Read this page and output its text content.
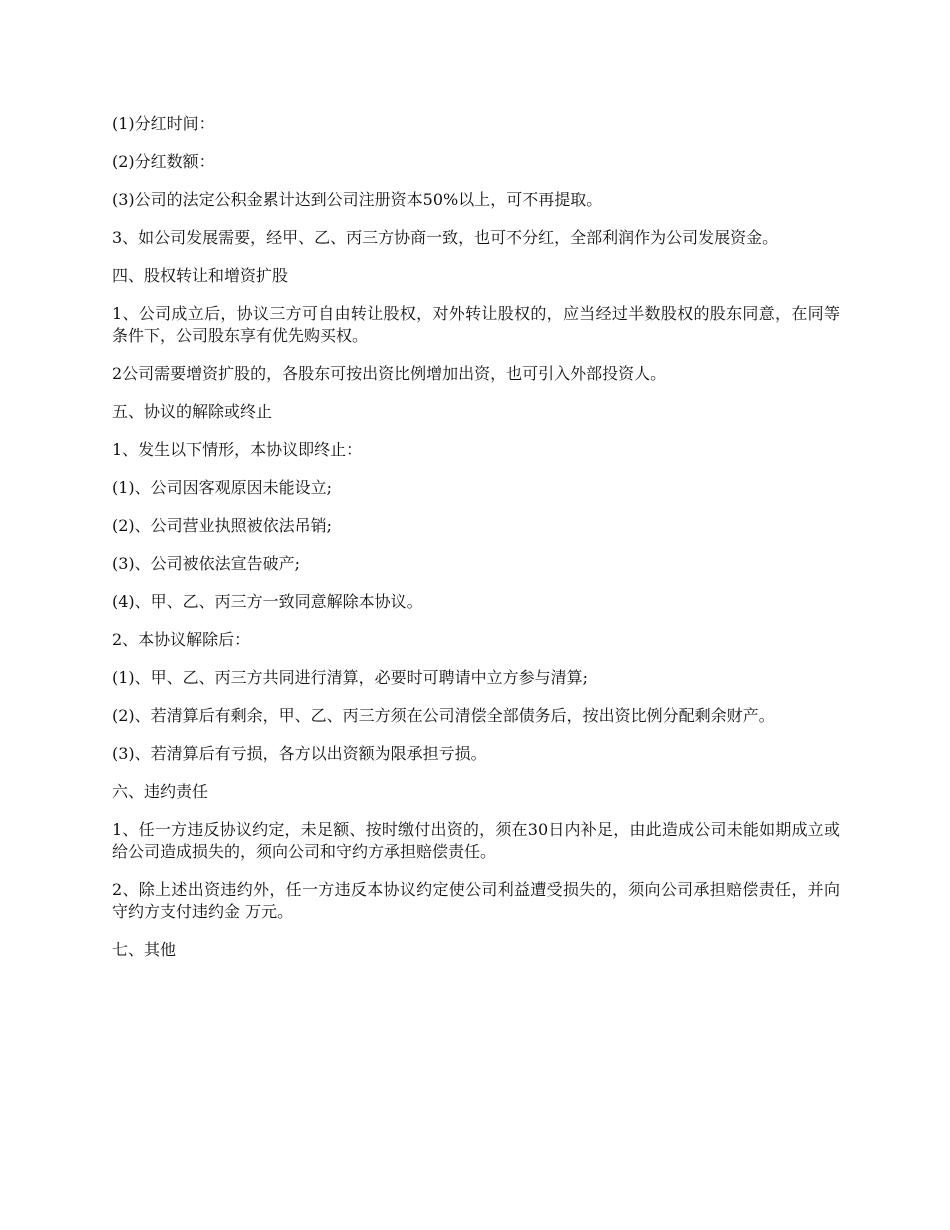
(1)分红时间：

(2)分红数额：

(3)公司的法定公积金累计达到公司注册资本50%以上，可不再提取。

3、如公司发展需要，经甲、乙、丙三方协商一致，也可不分红，全部利润作为公司发展资金。

四、股权转让和增资扩股

1、公司成立后，协议三方可自由转让股权，对外转让股权的，应当经过半数股权的股东同意，在同等条件下，公司股东享有优先购买权。

2公司需要增资扩股的，各股东可按出资比例增加出资，也可引入外部投资人。

五、协议的解除或终止

1、发生以下情形，本协议即终止：

(1)、公司因客观原因未能设立;

(2)、公司营业执照被依法吊销;

(3)、公司被依法宣告破产;

(4)、甲、乙、丙三方一致同意解除本协议。

2、本协议解除后：

(1)、甲、乙、丙三方共同进行清算，必要时可聘请中立方参与清算;

(2)、若清算后有剩余，甲、乙、丙三方须在公司清偿全部债务后，按出资比例分配剩余财产。

(3)、若清算后有亏损，各方以出资额为限承担亏损。

六、违约责任

1、任一方违反协议约定，未足额、按时缴付出资的，须在30日内补足，由此造成公司未能如期成立或给公司造成损失的，须向公司和守约方承担赔偿责任。

2、除上述出资违约外，任一方违反本协议约定使公司利益遭受损失的，须向公司承担赔偿责任，并向守约方支付违约金 万元。

七、其他
